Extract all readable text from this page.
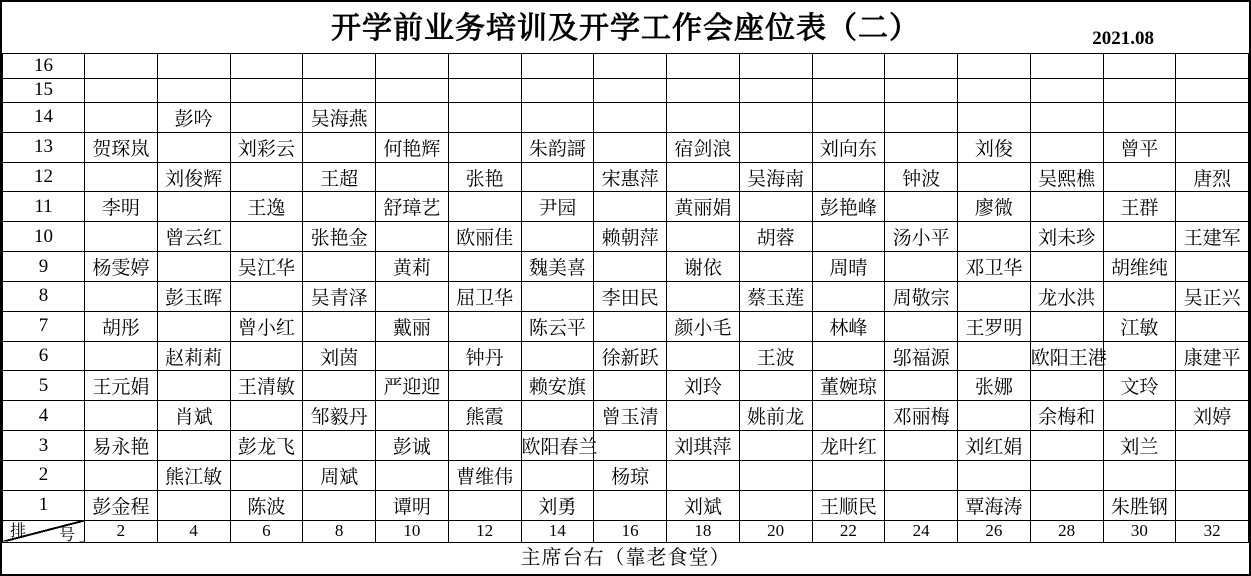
开学前业务培训及开学工作会座位表（二）	2021.08
16																
15																
14		彭吟		吴海燕												
13	贺琛岚		刘彩云		何艳辉		朱韵謌		宿剑浪		刘向东		刘俊		曾平	
12		刘俊辉		王超		张艳		宋惠萍		吴海南		钟波		吴熙樵		唐烈
11	李明		王逸		舒璋艺		尹园		黄丽娟		彭艳峰		廖微		王群	
10		曾云红		张艳金		欧丽佳		赖朝萍		胡蓉		汤小平		刘未珍		王建军
9	杨雯婷		吴江华		黄莉		魏美喜		谢依		周晴		邓卫华		胡维纯	
8		彭玉晖		吴青泽		屈卫华		李田民		蔡玉莲		周敬宗		龙水洪		吴正兴
7	胡彤		曾小红		戴丽		陈云平		颜小毛		林峰		王罗明		江敏	
6		赵莉莉		刘茵		钟丹		徐新跃		王波		邬福源		欧阳王港		康建平
5	王元娟		王清敏		严迎迎		赖安旗		刘玲		董婉琼		张娜		文玲	
4		肖斌		邹毅丹		熊霞		曾玉清		姚前龙		邓丽梅		余梅和		刘婷
3	易永艳		彭龙飞		彭诚		欧阳春兰		刘琪萍		龙叶红		刘红娟		刘兰	
2		熊江敏		周斌		曹维伟		杨琼								
1	彭金程		陈波		谭明		刘勇		刘斌		王顺民		覃海涛		朱胜钢	

排 号	2	4	6	8	10	12	14	16	18	20	22	24	26	28	30	32
主席台右（靠老食堂）
